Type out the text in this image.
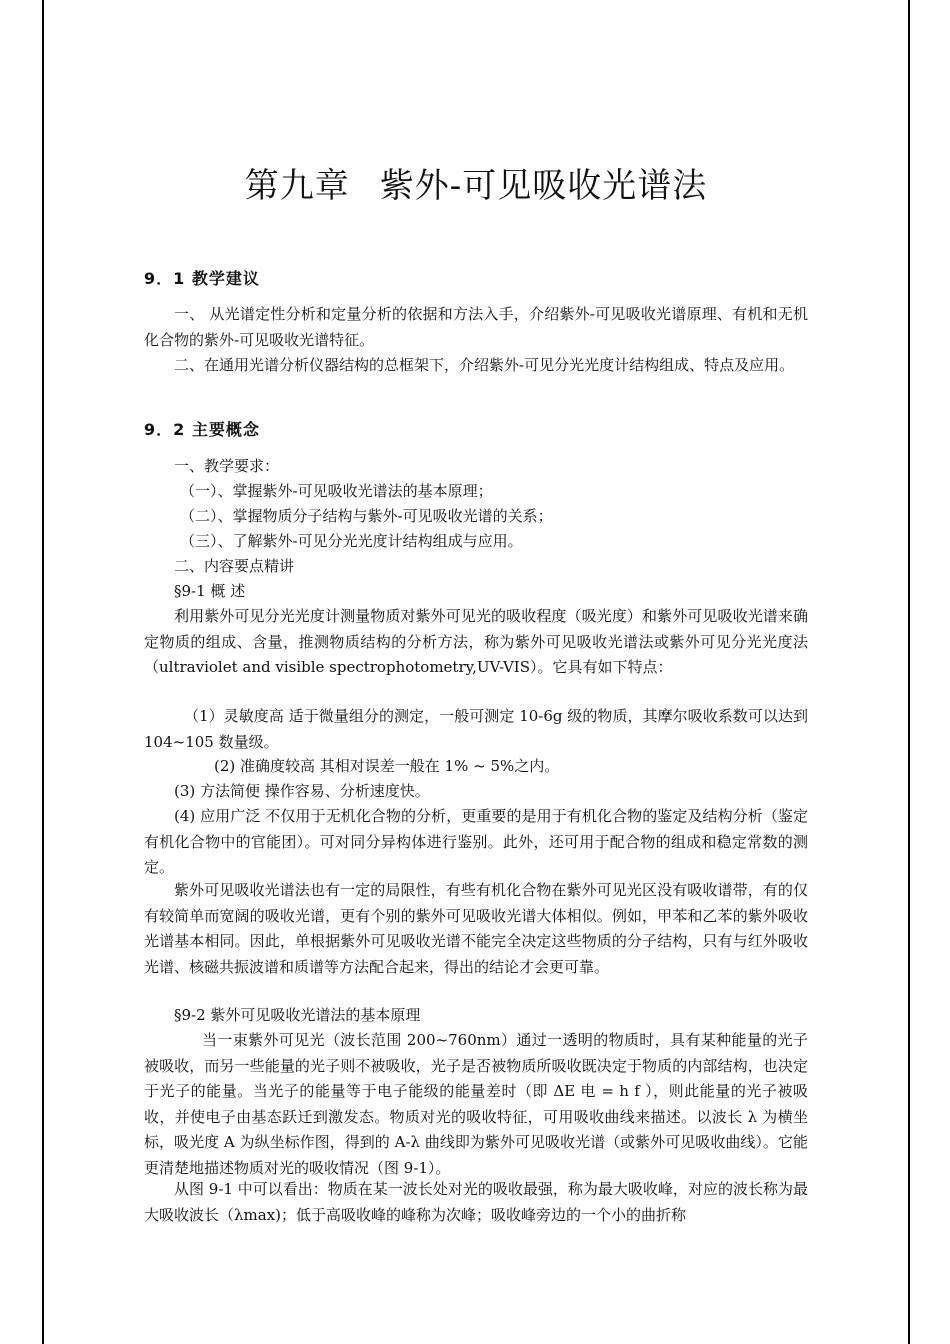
第九章 紫外-可见吸收光谱法
9．1 教学建议

一、 从光谱定性分析和定量分析的依据和方法入手，介绍紫外-可见吸收光谱原理、有机和无机化合物的紫外-可见吸收光谱特征。

二、在通用光谱分析仪器结构的总框架下，介绍紫外-可见分光光度计结构组成、特点及应用。

9．2 主要概念

一、教学要求：

（一）、掌握紫外-可见吸收光谱法的基本原理；

（二）、掌握物质分子结构与紫外-可见吸收光谱的关系；

（三）、了解紫外-可见分光光度计结构组成与应用。

二、内容要点精讲

§9-1 概 述

利用紫外可见分光光度计测量物质对紫外可见光的吸收程度（吸光度）和紫外可见吸收光谱来确定物质的组成、含量，推测物质结构的分析方法，称为紫外可见吸收光谱法或紫外可见分光光度法（ultraviolet and visible spectrophotometry,UV-VIS）。它具有如下特点：

（1）灵敏度高 适于微量组分的测定，一般可测定 10-6g 级的物质，其摩尔吸收系数可以达到 104~105 数量级。

(2) 准确度较高 其相对误差一般在 1% ~ 5%之内。

(3) 方法简便 操作容易、分析速度快。

(4) 应用广泛 不仅用于无机化合物的分析，更重要的是用于有机化合物的鉴定及结构分析（鉴定有机化合物中的官能团）。可对同分异构体进行鉴别。此外，还可用于配合物的组成和稳定常数的测定。

紫外可见吸收光谱法也有一定的局限性，有些有机化合物在紫外可见光区没有吸收谱带，有的仅有较简单而宽阔的吸收光谱，更有个别的紫外可见吸收光谱大体相似。例如，甲苯和乙苯的紫外吸收光谱基本相同。因此，单根据紫外可见吸收光谱不能完全决定这些物质的分子结构，只有与红外吸收光谱、核磁共振波谱和质谱等方法配合起来，得出的结论才会更可靠。

§9-2 紫外可见吸收光谱法的基本原理

当一束紫外可见光（波长范围 200~760nm）通过一透明的物质时，具有某种能量的光子被吸收，而另一些能量的光子则不被吸收，光子是否被物质所吸收既决定于物质的内部结构，也决定于光子的能量。当光子的能量等于电子能级的能量差时（即 ΔE 电 = h f ），则此能量的光子被吸收，并使电子由基态跃迁到激发态。物质对光的吸收特征，可用吸收曲线来描述。以波长 λ 为横坐标，吸光度 A 为纵坐标作图，得到的 A-λ 曲线即为紫外可见吸收光谱（或紫外可见吸收曲线）。它能更清楚地描述物质对光的吸收情况（图 9-1）。

从图 9-1 中可以看出：物质在某一波长处对光的吸收最强，称为最大吸收峰，对应的波长称为最大吸收波长（λmax)；低于高吸收峰的峰称为次峰；吸收峰旁边的一个小的曲折称
